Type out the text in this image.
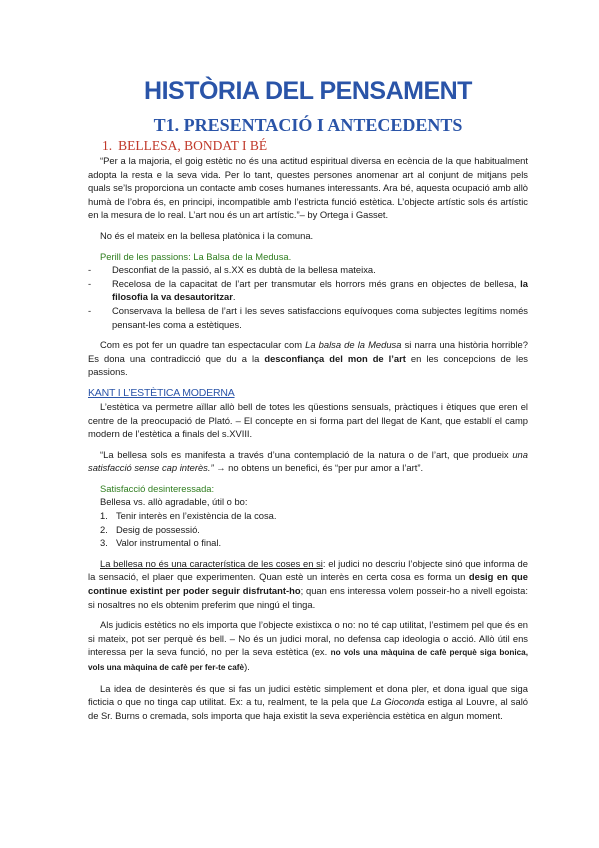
HISTÒRIA DEL PENSAMENT
T1. PRESENTACIÓ I ANTECEDENTS
1. BELLESA, BONDAT I BÉ

“Per a la majoria, el goig estètic no és una actitud espiritual diversa en ecència de la que habitualment adopta la resta e la seva vida. Per lo tant, questes persones anomenar art al conjunt de mitjans pels quals se’ls proporciona un contacte amb coses humanes interessants. Ara bé, aquesta ocupació amb allò humà de l’obra és, en principi, incompatible amb l’estricta funció estètica. L’objecte artístic sols és artístic en la mesura de lo real. L’art nou és un art artístic.”– by Ortega i Gasset.

No és el mateix en la bellesa platònica i la comuna.

Perill de les passions: La Balsa de la Medusa.
- Desconfiat de la passió, al s.XX es dubtà de la bellesa mateixa.
- Recelosa de la capacitat de l’art per transmutar els horrors més grans en objectes de bellesa, la filosofia la va desautoritzar.
- Conservava la bellesa de l’art i les seves satisfaccions equívoques coma subjectes legítims només pensant-les coma a estètiques.

Com es pot fer un quadre tan espectacular com La balsa de la Medusa si narra una història horrible? Es dona una contradicció que du a la desconfiança del mon de l’art en les concepcions de les passions.

KANT I L’ESTÈTICA MODERNA

L’estètica va permetre aïllar allò bell de totes les qüestions sensuals, pràctiques i ètiques que eren el centre de la preocupació de Plató. – El concepte en si forma part del llegat de Kant, que establí el camp modern de l’estètica a finals del s.XVIII.

“La bellesa sols es manifesta a través d’una contemplació de la natura o de l’art, que produeix una satisfacció sense cap interès.” → no obtens un benefici, és “per pur amor a l’art”.

Satisfacció desinteressada:

Bellesa vs. allò agradable, útil o bo:

1. Tenir interès en l’existència de la cosa.
2. Desig de possessió.
3. Valor instrumental o final.

La bellesa no és una característica de les coses en si: el judici no descriu l’objecte sinó que informa de la sensació, el plaer que experimenten. Quan estè un interès en certa cosa es forma un desig en que continue existint per poder seguir disfrutant-ho; quan ens interessa volem posseir-ho a nivell egoista: si nosaltres no els obtenim preferim que ningú el tinga.

Als judicis estètics no els importa que l’objecte existixca o no: no té cap utilitat, l’estimem pel que és en si mateix, pot ser perquè és bell. – No és un judici moral, no defensa cap ideologia o acció. Allò útil ens interessa per la seva funció, no per la seva estètica (ex. no vols una màquina de cafè perquè siga bonica, vols una màquina de cafè per fer-te cafè).

La idea de desinterès és que si fas un judici estètic simplement et dona pler, et dona igual que siga ficticia o que no tinga cap utilitat. Ex: a tu, realment, te la pela que La Gioconda estiga al Louvre, al saló de Sr. Burns o cremada, sols importa que haja existit la seva experiència estètica en algun moment.
